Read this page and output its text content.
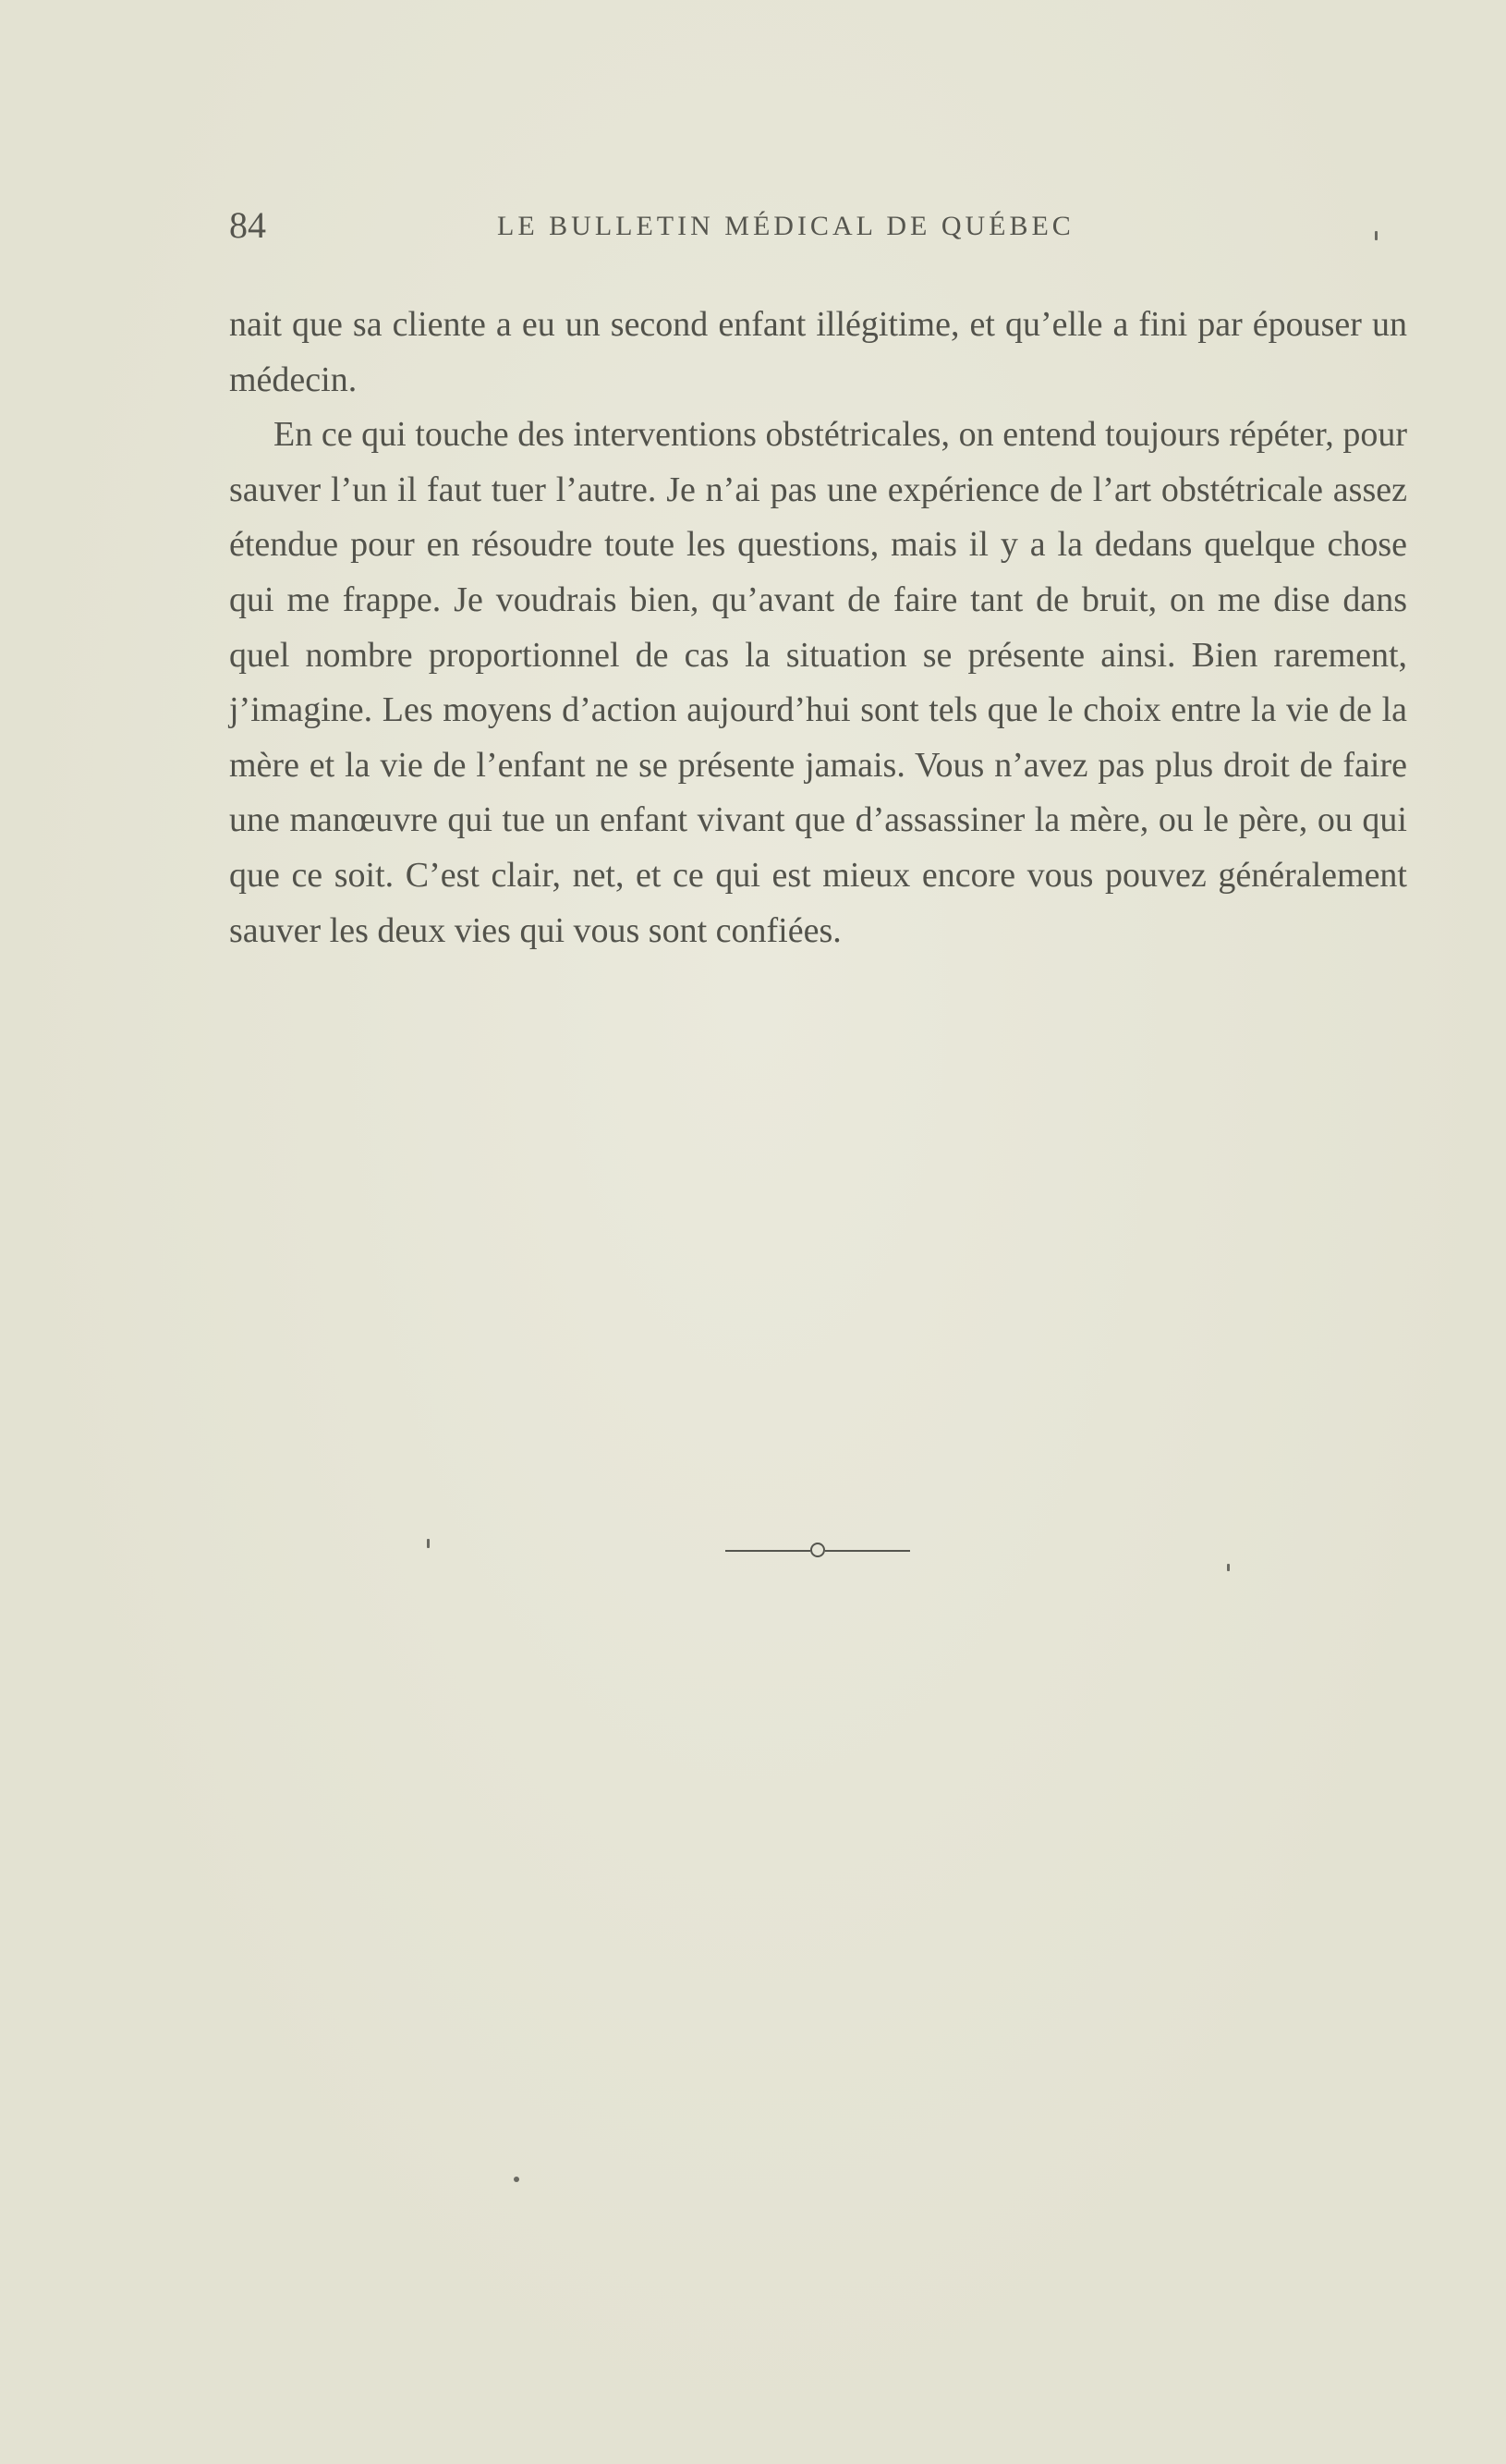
84	LE BULLETIN MÉDICAL DE QUÉBEC

nait que sa cliente a eu un second enfant illégitime, et qu’elle a fini par épouser un médecin.

En ce qui touche des interventions obstétricales, on entend toujours répéter, pour sauver l’un il faut tuer l’autre. Je n’ai pas une expérience de l’art obstétricale assez étendue pour en résoudre toute les questions, mais il y a la dedans quelque chose qui me frappe. Je voudrais bien, qu’avant de faire tant de bruit, on me dise dans quel nombre proportionnel de cas la situation se présente ainsi. Bien rarement, j’imagine. Les moyens d’action aujourd’hui sont tels que le choix entre la vie de la mère et la vie de l’enfant ne se présente jamais. Vous n’avez pas plus droit de faire une manœuvre qui tue un enfant vivant que d’assassiner la mère, ou le père, ou qui que ce soit. C’est clair, net, et ce qui est mieux encore vous pouvez généralement sauver les deux vies qui vous sont confiées.
